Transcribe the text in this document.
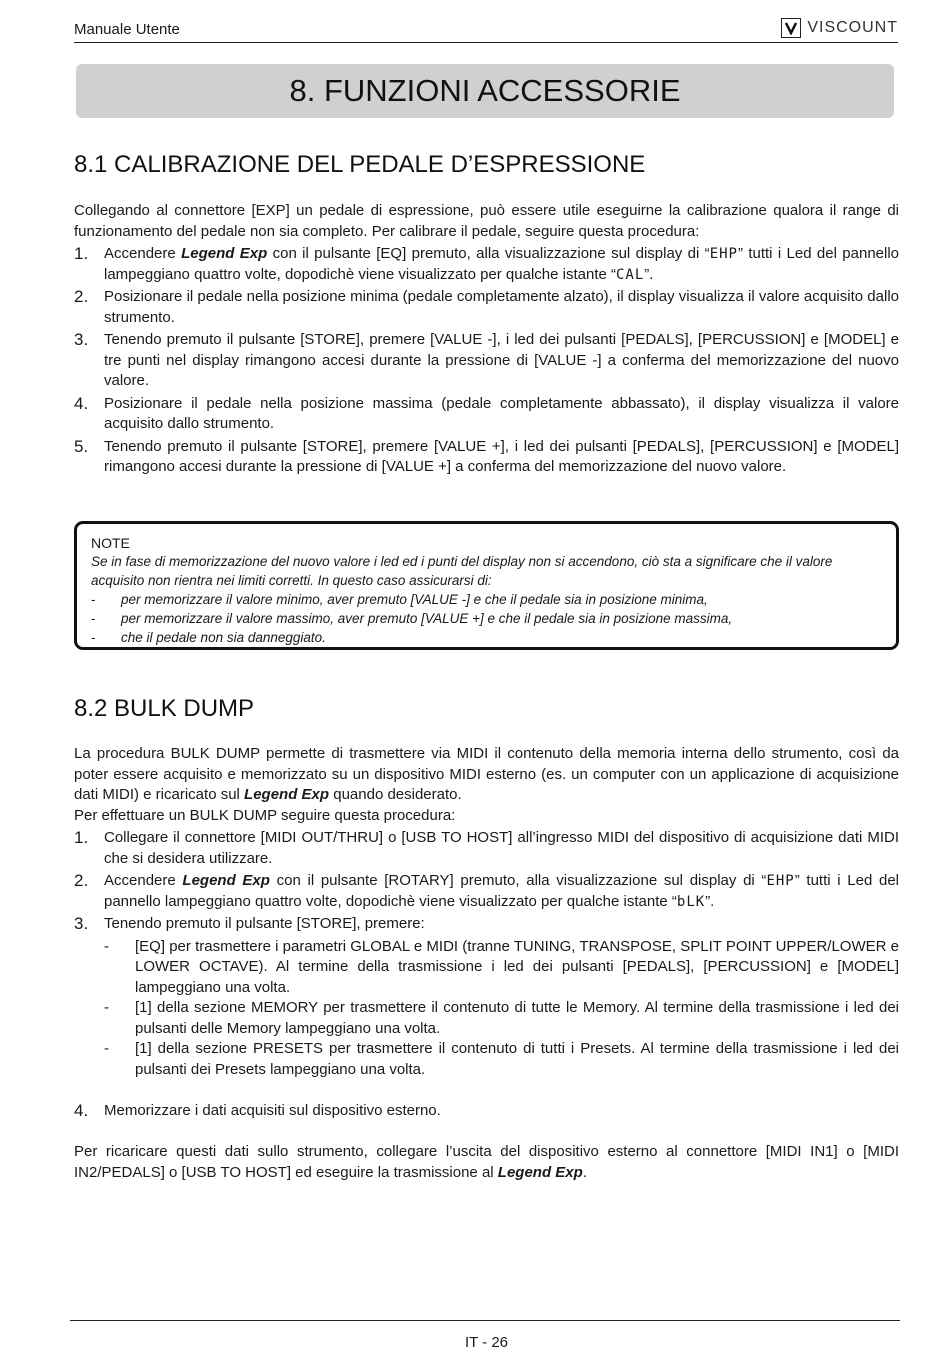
Manuale Utente	VISCOUNT
8. FUNZIONI ACCESSORIE
8.1 CALIBRAZIONE DEL PEDALE D’ESPRESSIONE

Collegando al connettore [EXP] un pedale di espressione, può essere utile eseguirne la calibrazione qualora il range di funzionamento del pedale non sia completo. Per calibrare il pedale, seguire questa procedura:

1. Accendere Legend Exp con il pulsante [EQ] premuto, alla visualizzazione sul display di “EHP” tutti i Led del pannello lampeggiano quattro volte, dopodichè viene visualizzato per qualche istante “CAL”.
2. Posizionare il pedale nella posizione minima (pedale completamente alzato), il display visualizza il valore acquisito dallo strumento.
3. Tenendo premuto il pulsante [STORE], premere [VALUE -], i led dei pulsanti [PEDALS], [PERCUSSION] e [MODEL] e tre punti nel display rimangono accesi durante la pressione di [VALUE -] a conferma del memorizzazione del nuovo valore.
4. Posizionare il pedale nella posizione massima (pedale completamente abbassato), il display visualizza il valore acquisito dallo strumento.
5. Tenendo premuto il pulsante [STORE], premere [VALUE +], i led dei pulsanti [PEDALS], [PERCUSSION] e [MODEL] rimangono accesi durante la pressione di [VALUE +] a conferma del memorizzazione del nuovo valore.
NOTE
Se in fase di memorizzazione del nuovo valore i led ed i punti del display non si accendono, ciò sta a significare che il valore acquisito non rientra nei limiti corretti. In questo caso assicurarsi di:
- per memorizzare il valore minimo, aver premuto [VALUE -] e che il pedale sia in posizione minima,
- per memorizzare il valore massimo, aver premuto [VALUE +] e che il pedale sia in posizione massima,
- che il pedale non sia danneggiato.
8.2 BULK DUMP

La procedura BULK DUMP permette di trasmettere via MIDI il contenuto della memoria interna dello strumento, così da poter essere acquisito e memorizzato su un dispositivo MIDI esterno (es. un computer con un applicazione di acquisizione dati MIDI) e ricaricato sul Legend Exp quando desiderato.

Per effettuare un BULK DUMP seguire questa procedura:

1. Collegare il connettore [MIDI OUT/THRU] o [USB TO HOST] all’ingresso MIDI del dispositivo di acquisizione dati MIDI che si desidera utilizzare.
2. Accendere Legend Exp con il pulsante [ROTARY] premuto, alla visualizzazione sul display di “EHP” tutti i Led del pannello lampeggiano quattro volte, dopodichè viene visualizzato per qualche istante “bLK”.
3. Tenendo premuto il pulsante [STORE], premere:
- [EQ] per trasmettere i parametri GLOBAL e MIDI (tranne TUNING, TRANSPOSE, SPLIT POINT UPPER/LOWER e LOWER OCTAVE). Al termine della trasmissione i led dei pulsanti [PEDALS], [PERCUSSION] e [MODEL] lampeggiano una volta.
- [1] della sezione MEMORY per trasmettere il contenuto di tutte le Memory. Al termine della trasmissione i led dei pulsanti delle Memory lampeggiano una volta.
- [1] della sezione PRESETS per trasmettere il contenuto di tutti i Presets. Al termine della trasmissione i led dei pulsanti dei Presets lampeggiano una volta.
4. Memorizzare i dati acquisiti sul dispositivo esterno.

Per ricaricare questi dati sullo strumento, collegare l’uscita del dispositivo esterno al connettore [MIDI IN1] o [MIDI IN2/PEDALS] o [USB TO HOST] ed eseguire la trasmissione al Legend Exp.

IT - 26
